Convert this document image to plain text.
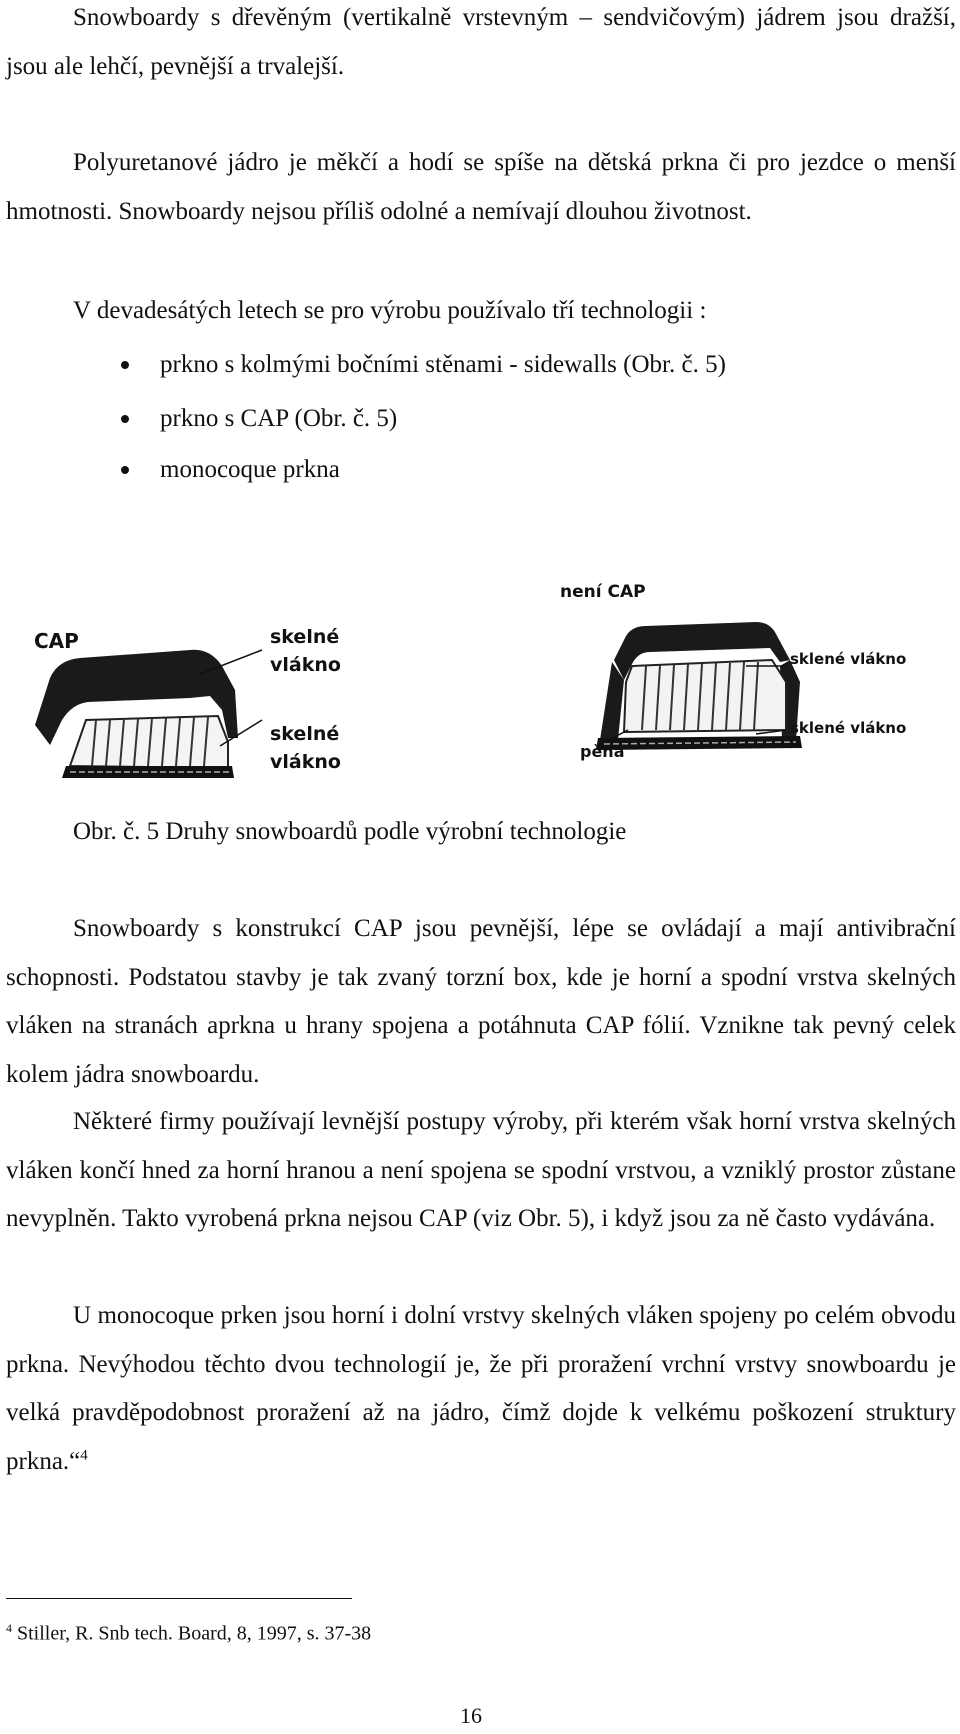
Snowboardy s dřevěným (vertikalně vrstevným – sendvičovým) jádrem jsou dražší, jsou ale lehčí, pevnější a trvalejší.

Polyuretanové jádro je měkčí a hodí se spíše na dětská prkna či pro jezdce o menší hmotnosti. Snowboardy nejsou příliš odolné a nemívají dlouhou životnost.

V devadesátých letech se pro výrobu používalo tří technologii :
prkno s kolmými bočními stěnami - sidewalls (Obr. č. 5)
prkno s CAP (Obr. č. 5)
monocoque prkna
CAP	skelné
vlákno
skelné
vlákno
není CAP
sklené vlákno
sklené vlákno
pěna
Obr. č. 5 Druhy snowboardů podle výrobní technologie

Snowboardy s konstrukcí CAP jsou pevnější, lépe se ovládají a mají antivibrační schopnosti. Podstatou stavby je tak zvaný torzní box, kde je horní a spodní vrstva skelných vláken na stranách aprkna u hrany spojena a potáhnuta CAP fólií. Vznikne tak pevný celek kolem jádra snowboardu.

Některé firmy používají levnější postupy výroby, při kterém však horní vrstva skelných vláken končí hned za horní hranou a není spojena se spodní vrstvou, a vzniklý prostor zůstane nevyplněn. Takto vyrobená prkna nejsou CAP (viz Obr. 5), i když jsou za ně často vydávána.

U monocoque prken jsou horní i dolní vrstvy skelných vláken spojeny po celém obvodu prkna. Nevýhodou těchto dvou technologií je, že při proražení vrchní vrstvy snowboardu je velká pravděpodobnost proražení až na jádro, čímž dojde k velkému poškození struktury prkna.“$^4$

$^4$ Stiller, R. Snb tech. Board, 8, 1997, s. 37-38
16
